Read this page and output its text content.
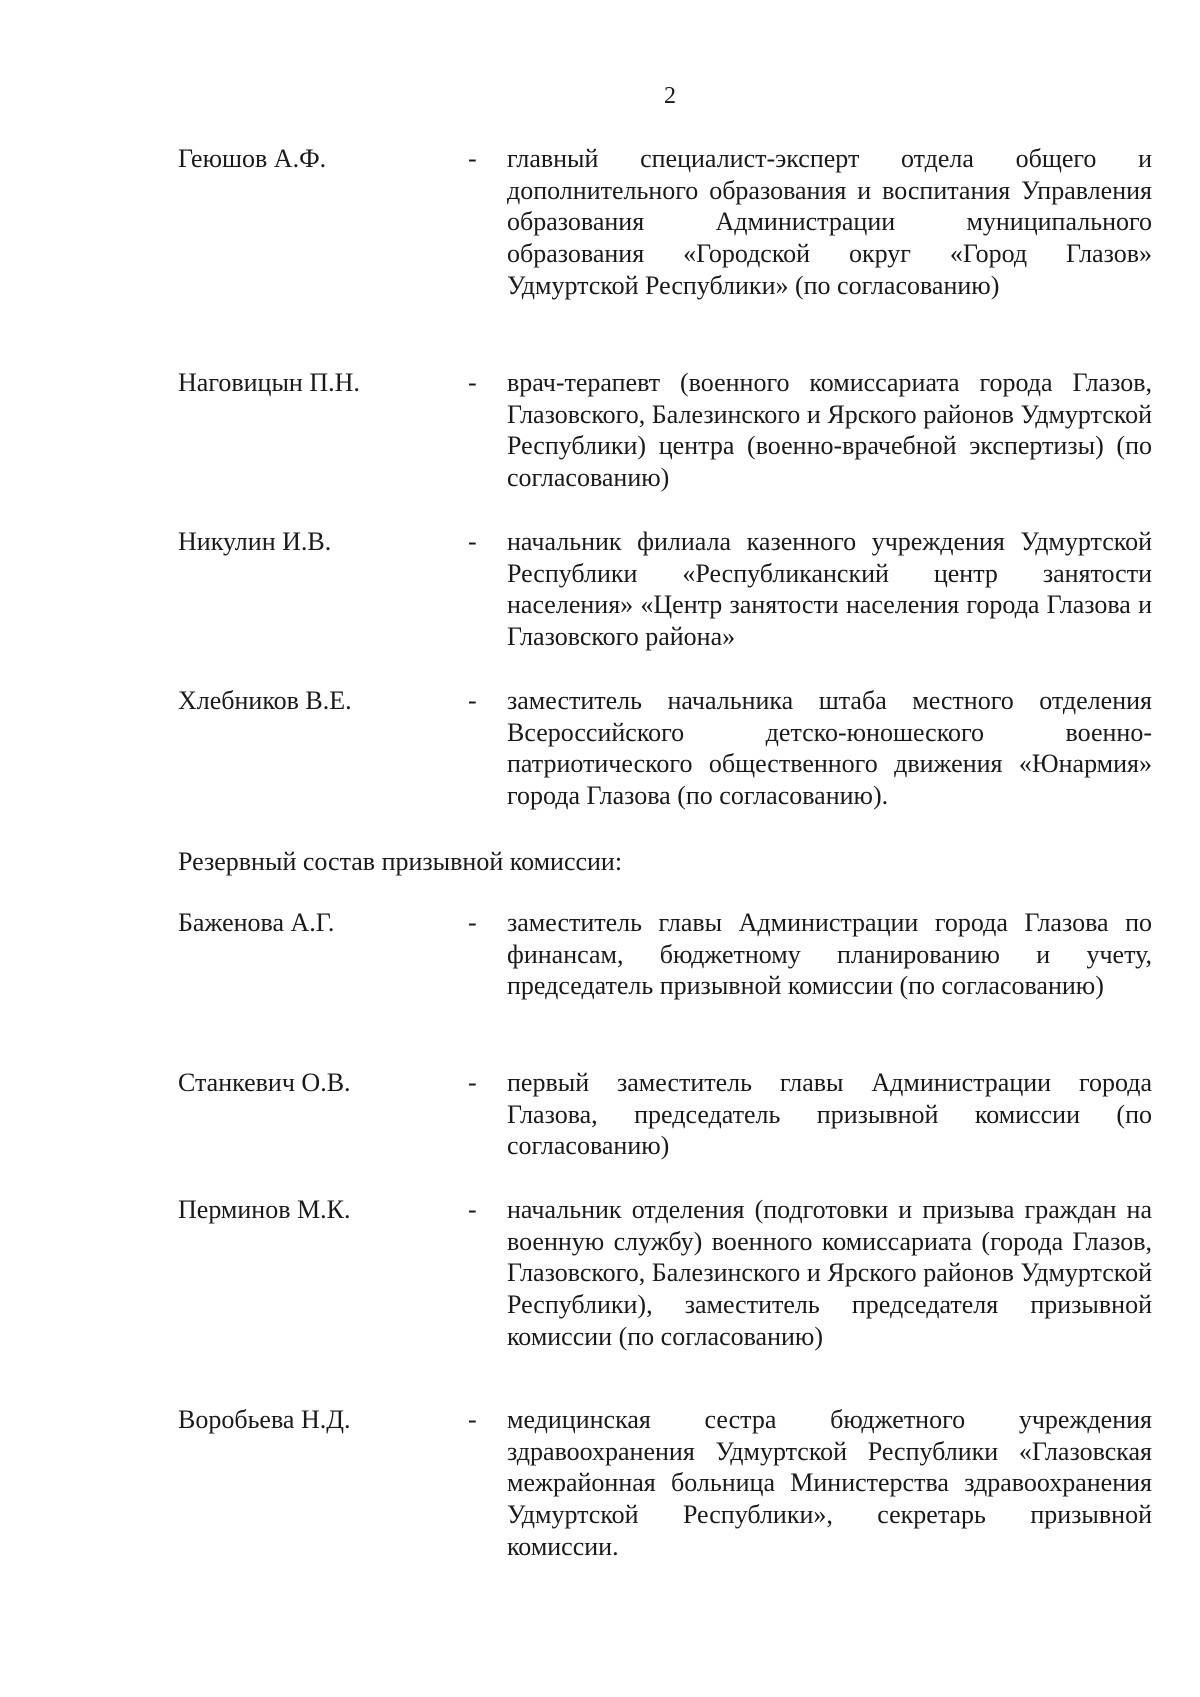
2
Геюшов А.Ф.	- главный специалист-эксперт отдела общего и дополнительного образования и воспитания Управления образования Администрации муниципального образования «Городской округ «Город Глазов» Удмуртской Республики» (по согласованию)
Наговицын П.Н.	- врач-терапевт (военного комиссариата города Глазов, Глазовского, Балезинского и Ярского районов Удмуртской Республики) центра (военно-врачебной экспертизы) (по согласованию)
Никулин И.В.	- начальник филиала казенного учреждения Удмуртской Республики «Республиканский центр занятости населения» «Центр занятости населения города Глазова и Глазовского района»
Хлебников В.Е.	- заместитель начальника штаба местного отделения Всероссийского детско-юношеского военно-патриотического общественного движения «Юнармия» города Глазова (по согласованию).
Резервный состав призывной комиссии:
Баженова А.Г.	- заместитель главы Администрации города Глазова по финансам, бюджетному планированию и учету, председатель призывной комиссии (по согласованию)
Станкевич О.В.	- первый заместитель главы Администрации города Глазова, председатель призывной комиссии (по согласованию)
Перминов М.К.	- начальник отделения (подготовки и призыва граждан на военную службу) военного комиссариата (города Глазов, Глазовского, Балезинского и Ярского районов Удмуртской Республики), заместитель председателя призывной комиссии (по согласованию)
Воробьева Н.Д.	- медицинская сестра бюджетного учреждения здравоохранения Удмуртской Республики «Глазовская межрайонная больница Министерства здравоохранения Удмуртской Республики», секретарь призывной комиссии.
